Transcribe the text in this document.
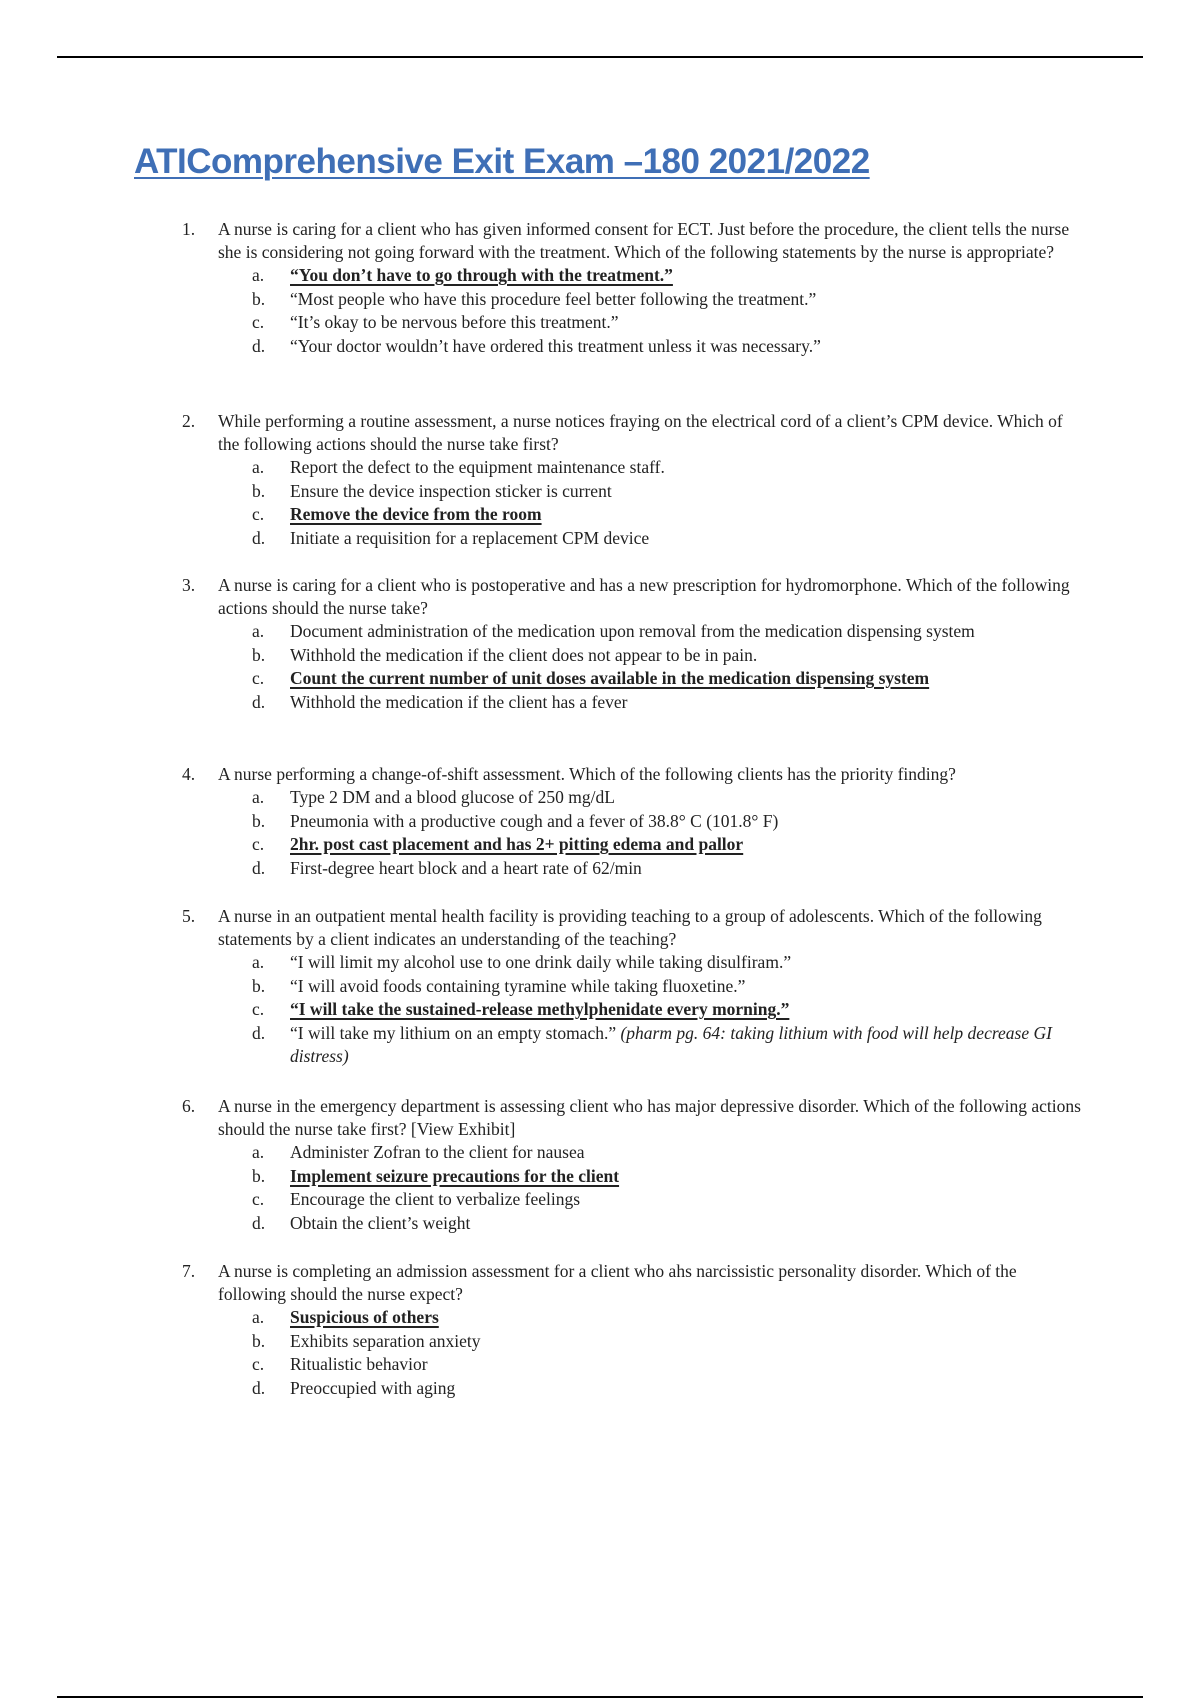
ATIComprehensive Exit Exam –180 2021/2022
1.	A nurse is caring for a client who has given informed consent for ECT. Just before the procedure, the client tells the nurse she is considering not going forward with the treatment. Which of the following statements by the nurse is appropriate?
a.	“You don’t have to go through with the treatment.”
b.	“Most people who have this procedure feel better following the treatment.”
c.	“It’s okay to be nervous before this treatment.”
d.	“Your doctor wouldn’t have ordered this treatment unless it was necessary.”
2.	While performing a routine assessment, a nurse notices fraying on the electrical cord of a client’s CPM device. Which of the following actions should the nurse take first?
a.	Report the defect to the equipment maintenance staff.
b.	Ensure the device inspection sticker is current
c.	Remove the device from the room
d.	Initiate a requisition for a replacement CPM device
3.	A nurse is caring for a client who is postoperative and has a new prescription for hydromorphone. Which of the following actions should the nurse take?
a.	Document administration of the medication upon removal from the medication dispensing system
b.	Withhold the medication if the client does not appear to be in pain.
c.	Count the current number of unit doses available in the medication dispensing system
d.	Withhold the medication if the client has a fever
4.	A nurse performing a change-of-shift assessment. Which of the following clients has the priority finding?
a.	Type 2 DM and a blood glucose of 250 mg/dL
b.	Pneumonia with a productive cough and a fever of 38.8° C (101.8° F)
c.	2hr. post cast placement and has 2+ pitting edema and pallor
d.	First-degree heart block and a heart rate of 62/min
5.	A nurse in an outpatient mental health facility is providing teaching to a group of adolescents. Which of the following statements by a client indicates an understanding of the teaching?
a.	“I will limit my alcohol use to one drink daily while taking disulfiram.”
b.	“I will avoid foods containing tyramine while taking fluoxetine.”
c.	“I will take the sustained-release methylphenidate every morning.”
d.	“I will take my lithium on an empty stomach.” (pharm pg. 64: taking lithium with food will help decrease GI distress)
6.	A nurse in the emergency department is assessing client who has major depressive disorder. Which of the following actions should the nurse take first? [View Exhibit]
a.	Administer Zofran to the client for nausea
b.	Implement seizure precautions for the client
c.	Encourage the client to verbalize feelings
d.	Obtain the client’s weight
7.	A nurse is completing an admission assessment for a client who ahs narcissistic personality disorder. Which of the following should the nurse expect?
a.	Suspicious of others
b.	Exhibits separation anxiety
c.	Ritualistic behavior
d.	Preoccupied with aging
